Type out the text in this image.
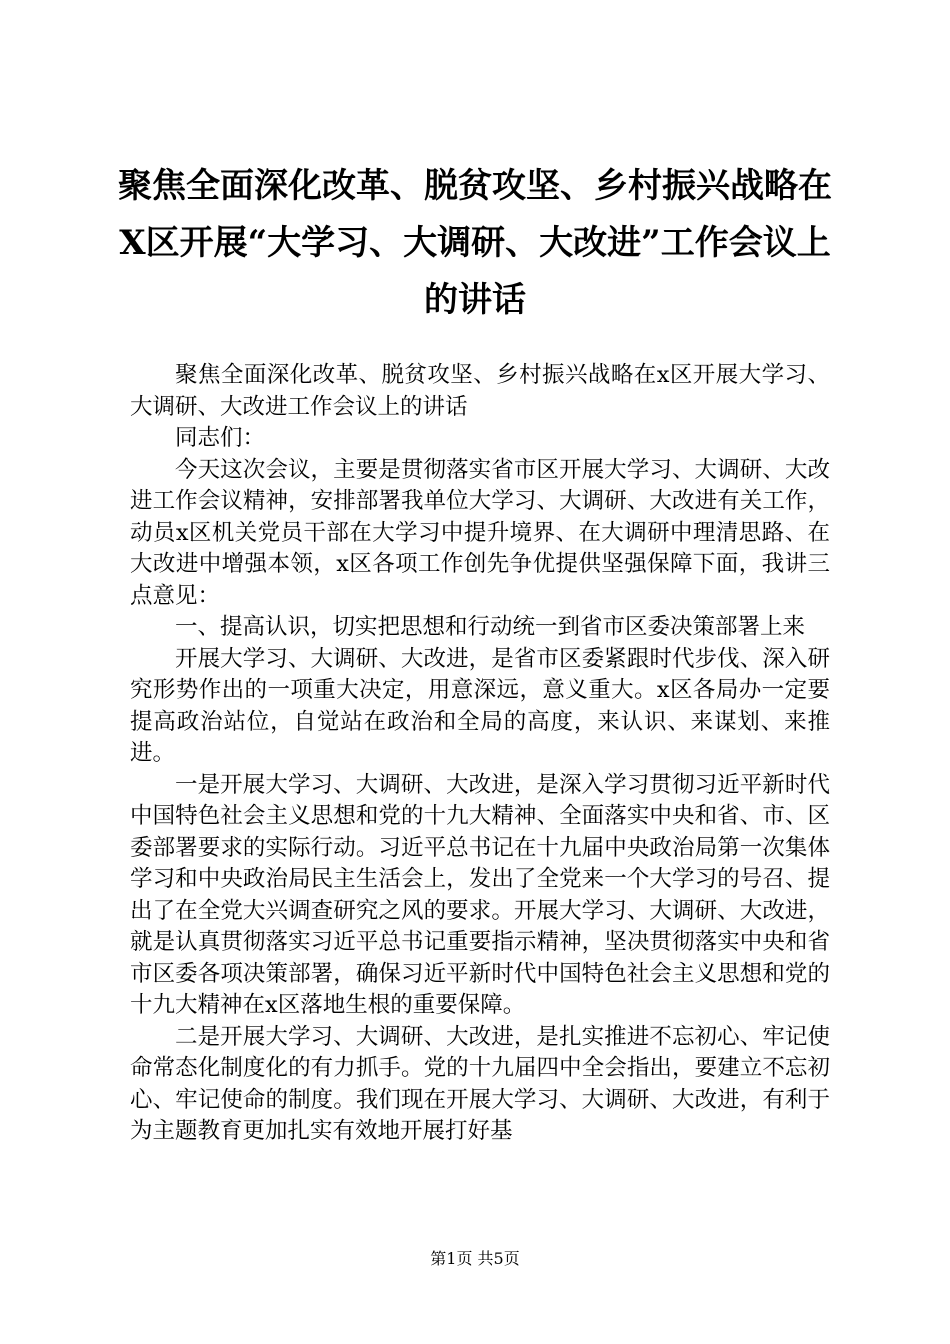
聚焦全面深化改革、脱贫攻坚、乡村振兴战略在X区开展“大学习、大调研、大改进”工作会议上的讲话

聚焦全面深化改革、脱贫攻坚、乡村振兴战略在x区开展大学习、大调研、大改进工作会议上的讲话

同志们：

今天这次会议，主要是贯彻落实省市区开展大学习、大调研、大改进工作会议精神，安排部署我单位大学习、大调研、大改进有关工作，动员x区机关党员干部在大学习中提升境界、在大调研中理清思路、在大改进中增强本领，x区各项工作创先争优提供坚强保障下面，我讲三点意见：

一、提高认识，切实把思想和行动统一到省市区委决策部署上来

开展大学习、大调研、大改进，是省市区委紧跟时代步伐、深入研究形势作出的一项重大决定，用意深远，意义重大。x区各局办一定要提高政治站位，自觉站在政治和全局的高度，来认识、来谋划、来推进。

一是开展大学习、大调研、大改进，是深入学习贯彻习近平新时代中国特色社会主义思想和党的十九大精神、全面落实中央和省、市、区委部署要求的实际行动。习近平总书记在十九届中央政治局第一次集体学习和中央政治局民主生活会上，发出了全党来一个大学习的号召、提出了在全党大兴调查研究之风的要求。开展大学习、大调研、大改进，就是认真贯彻落实习近平总书记重要指示精神，坚决贯彻落实中央和省市区委各项决策部署，确保习近平新时代中国特色社会主义思想和党的十九大精神在x区落地生根的重要保障。

二是开展大学习、大调研、大改进，是扎实推进不忘初心、牢记使命常态化制度化的有力抓手。党的十九届四中全会指出，要建立不忘初心、牢记使命的制度。我们现在开展大学习、大调研、大改进，有利于为主题教育更加扎实有效地开展打好基

第1页 共5页
